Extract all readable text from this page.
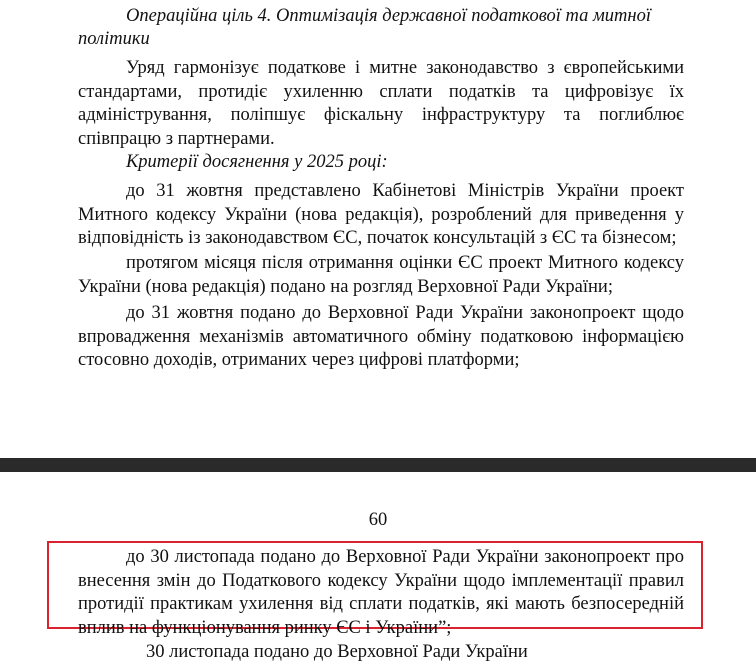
Операційна ціль 4. Оптимізація державної податкової та митної
політики
Уряд гармонізує податкове і митне законодавство з європейськими стандартами, протидіє ухиленню сплати податків та цифровізує їх адміністрування, поліпшує фіскальну інфраструктуру та поглиблює співпрацю з партнерами.
Критерії досягнення у 2025 році:
до 31 жовтня представлено Кабінетові Міністрів України проект Митного кодексу України (нова редакція), розроблений для приведення у відповідність із законодавством ЄС, початок консультацій з ЄС та бізнесом;
протягом місяця після отримання оцінки ЄС проект Митного кодексу України (нова редакція) подано на розгляд Верховної Ради України;
до 31 жовтня подано до Верховної Ради України законопроект щодо впровадження механізмів автоматичного обміну податковою інформацією стосовно доходів, отриманих через цифрові платформи;
60
до 30 листопада подано до Верховної Ради України законопроект про внесення змін до Податкового кодексу України щодо імплементації правил протидії практикам ухилення від сплати податків, які мають безпосередній вплив на функціонування ринку ЄС і України”;
30 листопада подано до Верховної Ради України
